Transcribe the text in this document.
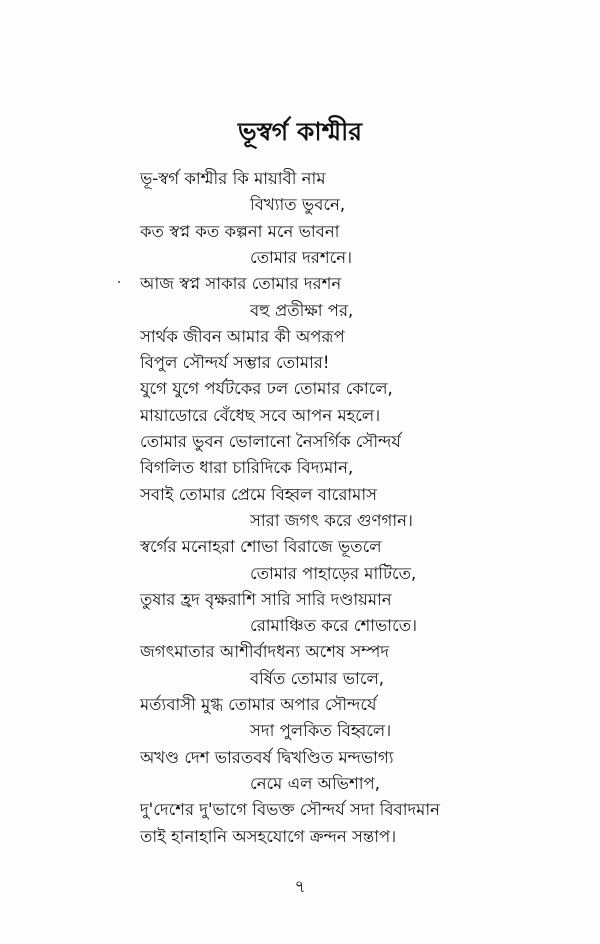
ভূস্বর্গ কাশ্মীর
ভূ-স্বর্গ কাশ্মীর কি মায়াবী নাম
বিখ্যাত ভুবনে,
কত স্বপ্ন কত কল্পনা মনে ভাবনা
তোমার দরশনে।
আজ স্বপ্ন সাকার তোমার দরশন
বহু প্রতীক্ষা পর,
সার্থক জীবন আমার কী অপরূপ
বিপুল সৌন্দর্য সম্ভার তোমার!
যুগে যুগে পর্যটকের ঢল তোমার কোলে,
মায়াডোরে বেঁধেছ সবে আপন মহলে।
তোমার ভুবন ভোলানো নৈসর্গিক সৌন্দর্য
বিগলিত ধারা চারিদিকে বিদ্যমান,
সবাই তোমার প্রেমে বিহ্বল বারোমাস
সারা জগৎ করে গুণগান।
স্বর্গের মনোহরা শোভা বিরাজে ভূতলে
তোমার পাহাড়ের মাটিতে,
তুষার হ্রদ বৃক্ষরাশি সারি সারি দণ্ডায়মান
রোমাঞ্চিত করে শোভাতে।
জগৎমাতার আশীর্বাদধন্য অশেষ সম্পদ
বর্ষিত তোমার ভালে,
মর্ত্যবাসী মুগ্ধ তোমার অপার সৌন্দর্যে
সদা পুলকিত বিহ্বলে।
অখণ্ড দেশ ভারতবর্ষ দ্বিখণ্ডিত মন্দভাগ্য
নেমে এল অভিশাপ,
দু'দেশের দু'ভাগে বিভক্ত সৌন্দর্য সদা বিবাদমান
তাই হানাহানি অসহযোগে ক্রন্দন সন্তাপ।
৭
